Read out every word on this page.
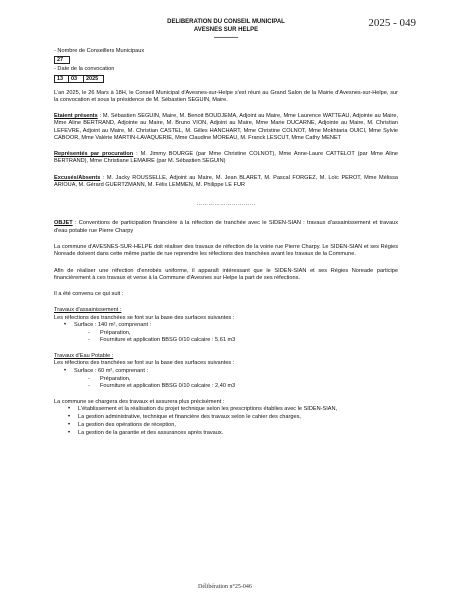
DELIBERATION DU CONSEIL MUNICIPAL
AVESNES SUR HELPE
————
2025 - 049
- Nombre de Conseillers Municipaux
27
- Date de la convocation
13	03	2025

L'an 2025, le 26 Mars à 18H, le Conseil Municipal d'Avesnes-sur-Helpe s'est réuni au Grand Salon de la Mairie d'Avesnes-sur-Helpe, sur la convocation et sous la présidence de M. Sébastien SEGUIN, Maire.

Etaient présents : M. Sébastien SEGUIN, Maire, M. Benoit BOUDJEMA, Adjoint au Maire, Mme Laurence WATTEAU, Adjointe au Maire, Mme Aline BERTRAND, Adjointe au Maire, M. Bruno VION, Adjoint au Maire, Mme Marie DUCARNE, Adjointe au Maire, M. Christian LEFEVRE, Adjoint au Maire, M. Christian CASTEL, M. Gilles HANCHART, Mme Christine COLNOT, Mme Mokhtaria OUICI, Mme Sylvie CABOOR, Mme Valérie MARTIN-LAVAQUERIE, Mme Claudine MOREAU, M. Franck LESCUT, Mme Cathy MENET

Représentés par procuration : M. Jimmy BOURGE (par Mme Christine COLNOT), Mme Anne-Laure CATTELOT (par Mme Aline BERTRAND), Mme Christiane LEMAIRE (par M. Sébastien SEGUIN)

Excusés/Absents : M. Jacky ROUSSELLE, Adjoint au Maire, M. Jean BLARET, M. Pascal FORGEZ, M. Loïc PEROT, Mme Mélissa ARIOUA, M. Gérard GUERTZMANN, M. Félix LEMMEN, M. Philippe LE FUR

…………………………

OBJET : Conventions de participation financière à la réfection de tranchée avec le SIDEN-SIAN : travaux d'assainissement et travaux d'eau potable rue Pierre Charpy

La commune d'AVESNES-SUR-HELPE doit réaliser des travaux de réfection de la voirie rue Pierre Charpy. Le SIDEN-SIAN et ses Régies Noreade doivent dans cette même partie de rue reprendre les réfections des tranchées avant les travaux de la Commune.

Afin de réaliser une réfection d'enrobés uniforme, il apparaît intéressant que le SIDEN-SIAN et ses Régies Noreade participe financièrement à ces travaux et verse à la Commune d'Avesnes sur Helpe la part de ses réfections.

Il a été convenu ce qui suit :

Travaux d'assainissement :
Les réfections des tranchées se font sur la base des surfaces suivantes :
•	Surface : 140 m², comprenant :
-	Préparation,
-	Fourniture et application BBSG 0/10 calcaire : 5.61 m3
Travaux d'Eau Potable :
Les réfections des tranchées se font sur la base des surfaces suivantes :
•	Surface : 60 m², comprenant :
-	Préparation,
-	Fourniture et application BBSG 0/10 calcaire : 2,40 m3
La commune se chargera des travaux et assurera plus précisément :
•	L'établissement et la réalisation du projet technique selon les prescriptions établies avec le SIDEN-SIAN,
•	La gestion administrative, technique et financière des travaux selon le cahier des charges,
•	La gestion des opérations de réception,
•	La gestion de la garantie et des assurances après travaux.
Délibération n°25-046
